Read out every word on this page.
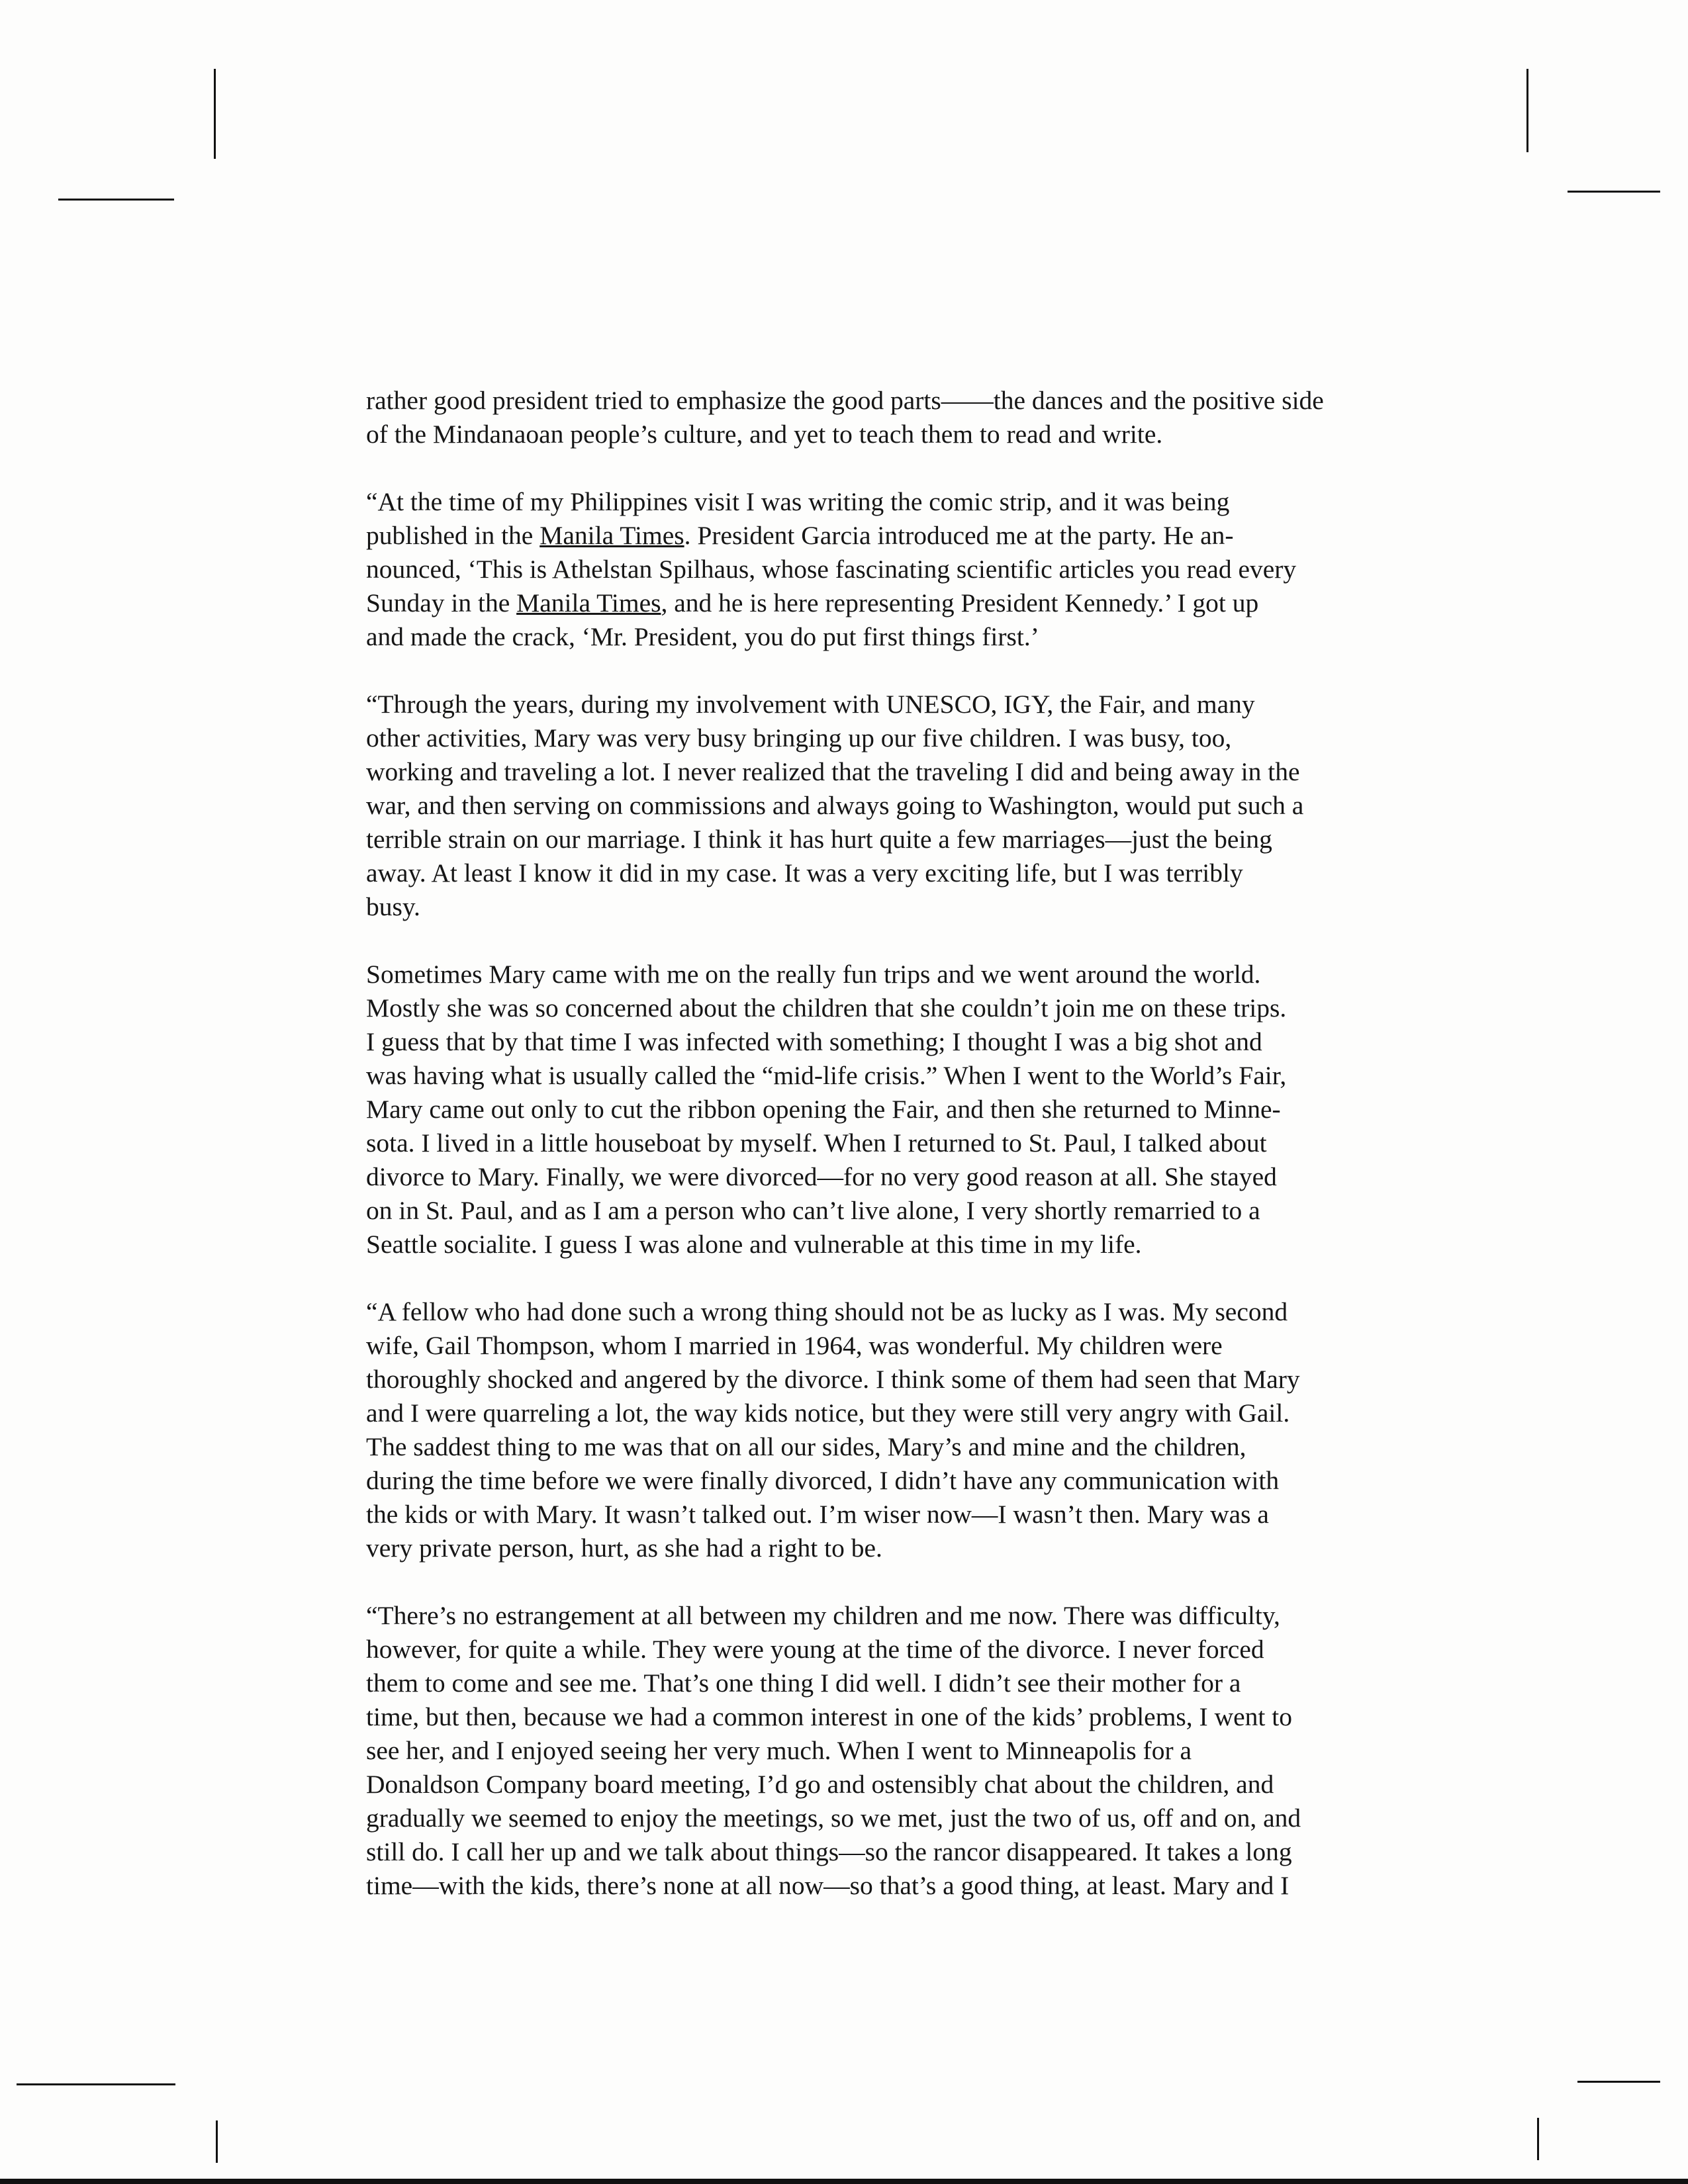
rather good president tried to emphasize the good parts——the dances and the positive side
of the Mindanaoan people’s culture, and yet to teach them to read and write.
“At the time of my Philippines visit I was writing the comic strip, and it was being
published in the Manila Times. President Garcia introduced me at the party. He an-
nounced, ‘This is Athelstan Spilhaus, whose fascinating scientific articles you read every
Sunday in the Manila Times, and he is here representing President Kennedy.’ I got up
and made the crack, ‘Mr. President, you do put first things first.’
“Through the years, during my involvement with UNESCO, IGY, the Fair, and many
other activities, Mary was very busy bringing up our five children. I was busy, too,
working and traveling a lot. I never realized that the traveling I did and being away in the
war, and then serving on commissions and always going to Washington, would put such a
terrible strain on our marriage. I think it has hurt quite a few marriages—just the being
away. At least I know it did in my case. It was a very exciting life, but I was terribly
busy.
Sometimes Mary came with me on the really fun trips and we went around the world.
Mostly she was so concerned about the children that she couldn’t join me on these trips.
I guess that by that time I was infected with something; I thought I was a big shot and
was having what is usually called the “mid-life crisis.” When I went to the World’s Fair,
Mary came out only to cut the ribbon opening the Fair, and then she returned to Minne-
sota. I lived in a little houseboat by myself. When I returned to St. Paul, I talked about
divorce to Mary. Finally, we were divorced—for no very good reason at all. She stayed
on in St. Paul, and as I am a person who can’t live alone, I very shortly remarried to a
Seattle socialite. I guess I was alone and vulnerable at this time in my life.
“A fellow who had done such a wrong thing should not be as lucky as I was. My second
wife, Gail Thompson, whom I married in 1964, was wonderful. My children were
thoroughly shocked and angered by the divorce. I think some of them had seen that Mary
and I were quarreling a lot, the way kids notice, but they were still very angry with Gail.
The saddest thing to me was that on all our sides, Mary’s and mine and the children,
during the time before we were finally divorced, I didn’t have any communication with
the kids or with Mary. It wasn’t talked out. I’m wiser now—I wasn’t then. Mary was a
very private person, hurt, as she had a right to be.
“There’s no estrangement at all between my children and me now. There was difficulty,
however, for quite a while. They were young at the time of the divorce. I never forced
them to come and see me. That’s one thing I did well. I didn’t see their mother for a
time, but then, because we had a common interest in one of the kids’ problems, I went to
see her, and I enjoyed seeing her very much. When I went to Minneapolis for a
Donaldson Company board meeting, I’d go and ostensibly chat about the children, and
gradually we seemed to enjoy the meetings, so we met, just the two of us, off and on, and
still do. I call her up and we talk about things—so the rancor disappeared. It takes a long
time—with the kids, there’s none at all now—so that’s a good thing, at least. Mary and I
